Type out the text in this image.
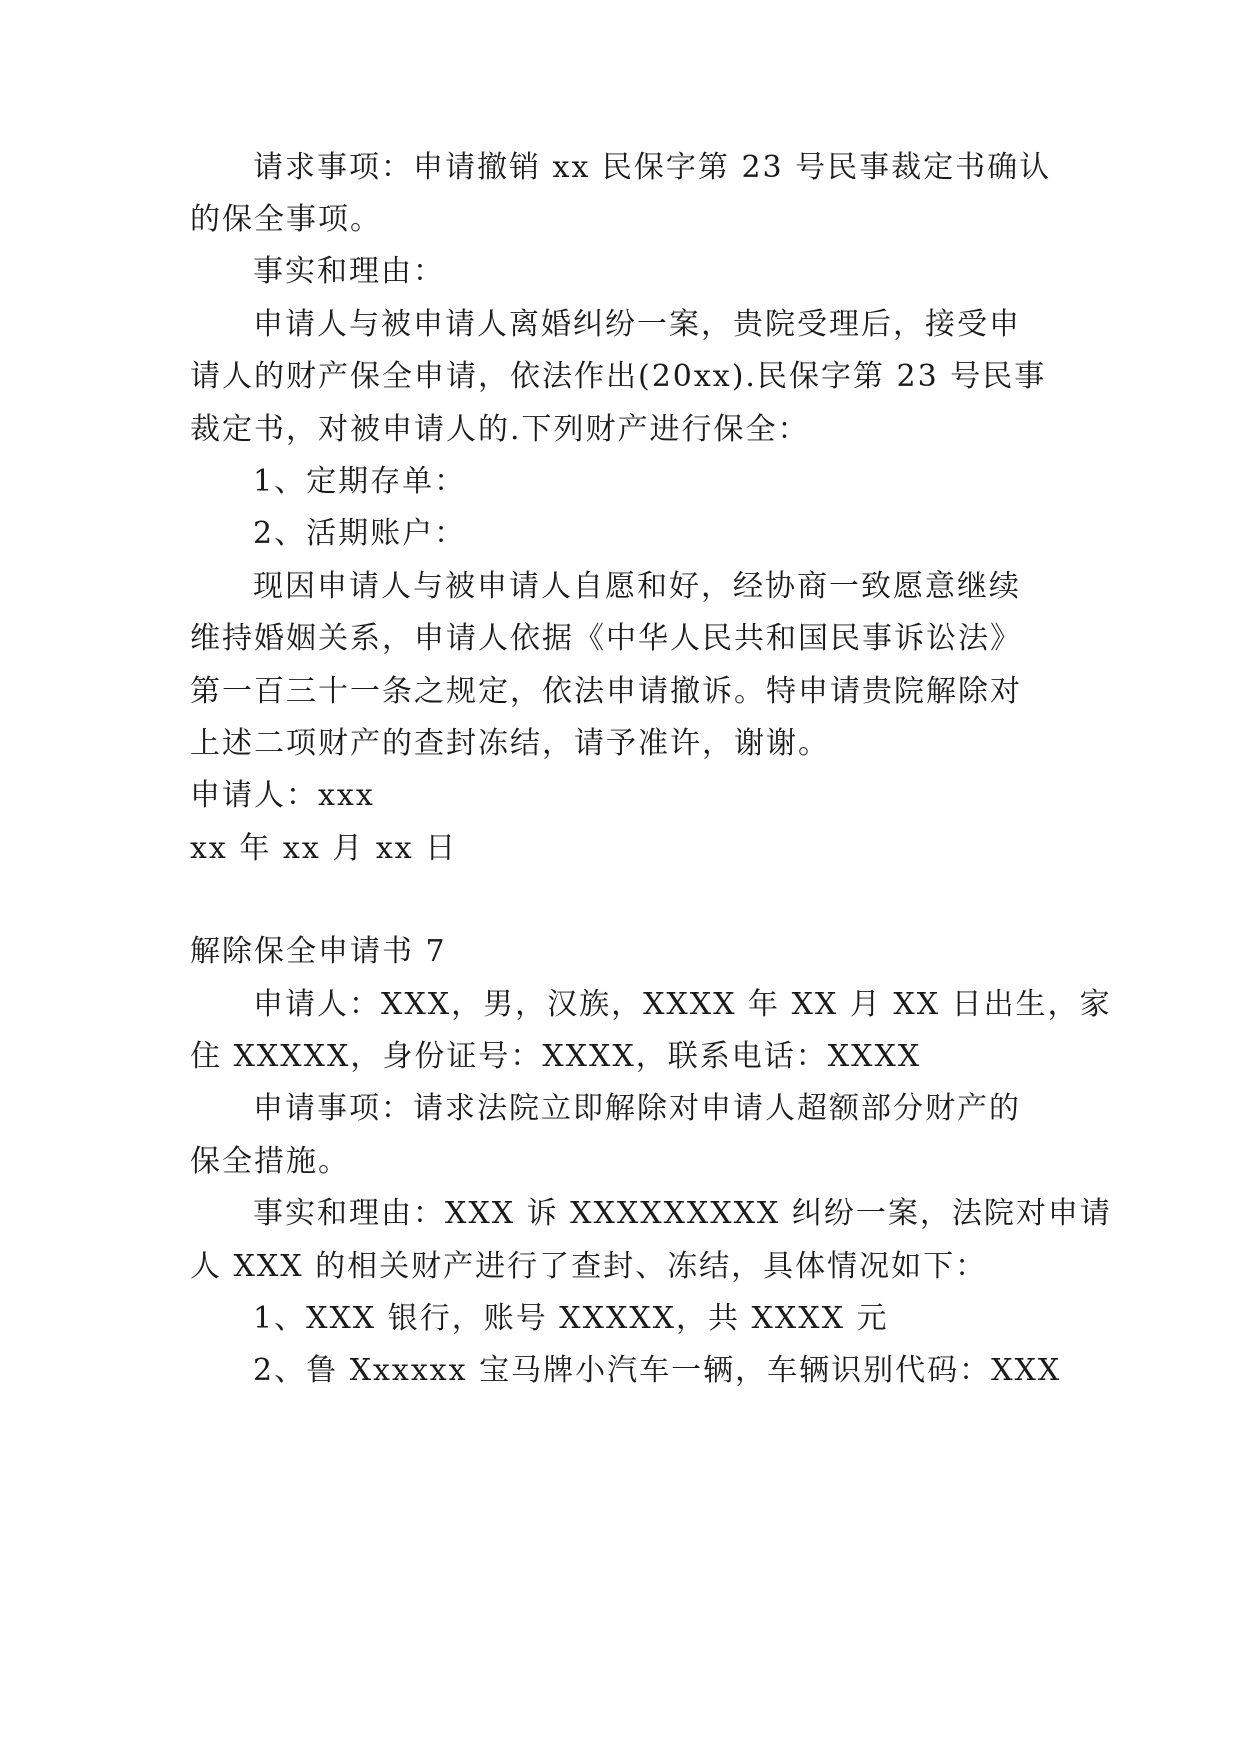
请求事项：申请撤销 xx 民保字第 23 号民事裁定书确认
的保全事项。
事实和理由：
申请人与被申请人离婚纠纷一案，贵院受理后，接受申
请人的财产保全申请，依法作出(20xx).民保字第 23 号民事
裁定书，对被申请人的.下列财产进行保全：
1、定期存单：
2、活期账户：
现因申请人与被申请人自愿和好，经协商一致愿意继续
维持婚姻关系，申请人依据《中华人民共和国民事诉讼法》
第一百三十一条之规定，依法申请撤诉。特申请贵院解除对
上述二项财产的查封冻结，请予准许，谢谢。
申请人：xxx
xx 年 xx 月 xx 日
解除保全申请书 7
申请人：XXX，男，汉族，XXXX 年 XX 月 XX 日出生，家
住 XXXXX，身份证号：XXXX，联系电话：XXXX
申请事项：请求法院立即解除对申请人超额部分财产的
保全措施。
事实和理由：XXX 诉 XXXXXXXXX 纠纷一案，法院对申请
人 XXX 的相关财产进行了查封、冻结，具体情况如下：
1、XXX 银行，账号 XXXXX，共 XXXX 元
2、鲁 Xxxxxx 宝马牌小汽车一辆，车辆识别代码：XXX
